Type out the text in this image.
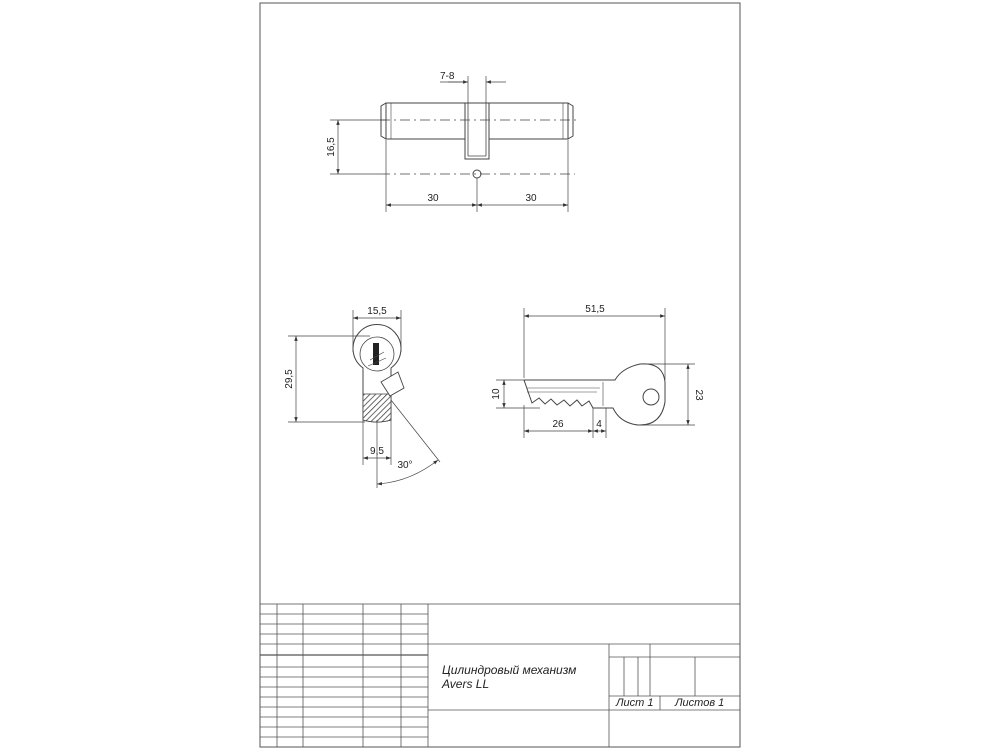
7-8
16,5
30	30
15,5
29,5
9,5
30°
51,5
10	23
26	4
Цилиндровый механизм
Avers LL
Лист 1 Листов 1
